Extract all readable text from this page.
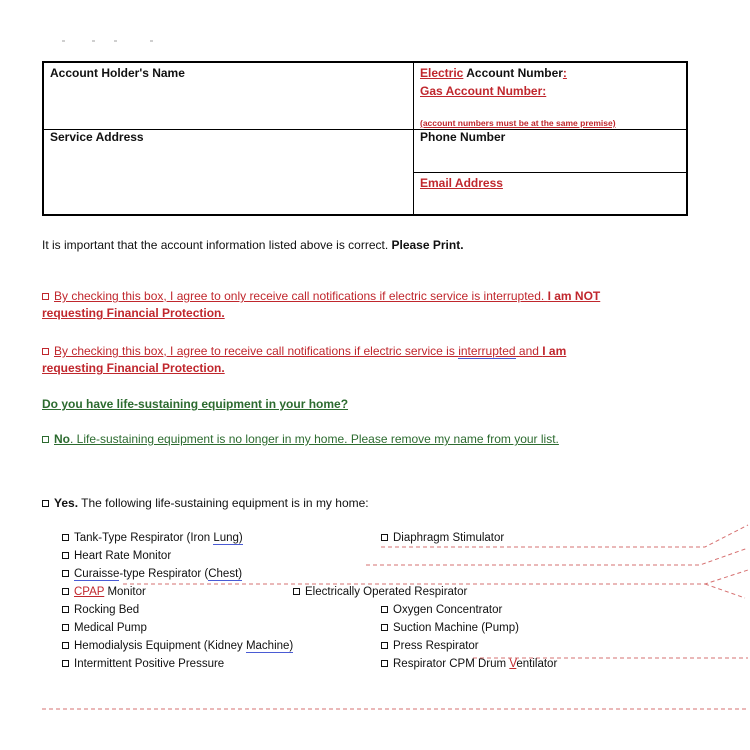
Account Holder's Name	Electric Account Number:
Gas Account Number:
(account numbers must be at the same premise)
Service Address	Phone Number
Email Address
It is important that the account information listed above is correct. Please Print.
By checking this box, I agree to only receive call notifications if electric service is interrupted. I am NOT
requesting Financial Protection.
By checking this box, I agree to receive call notifications if electric service is interrupted and I am
requesting Financial Protection.
Do you have life-sustaining equipment in your home?
No. Life-sustaining equipment is no longer in my home. Please remove my name from your list.
Yes. The following life-sustaining equipment is in my home:
Tank-Type Respirator (Iron Lung)
Heart Rate Monitor
Curaisse-type Respirator (Chest)
CPAP Monitor
Rocking Bed
Medical Pump
Hemodialysis Equipment (Kidney Machine)
Intermittent Positive Pressure
Electrically Operated Respirator
Diaphragm Stimulator
Oxygen Concentrator
Suction Machine (Pump)
Press Respirator
Respirator CPM Drum Ventilator
